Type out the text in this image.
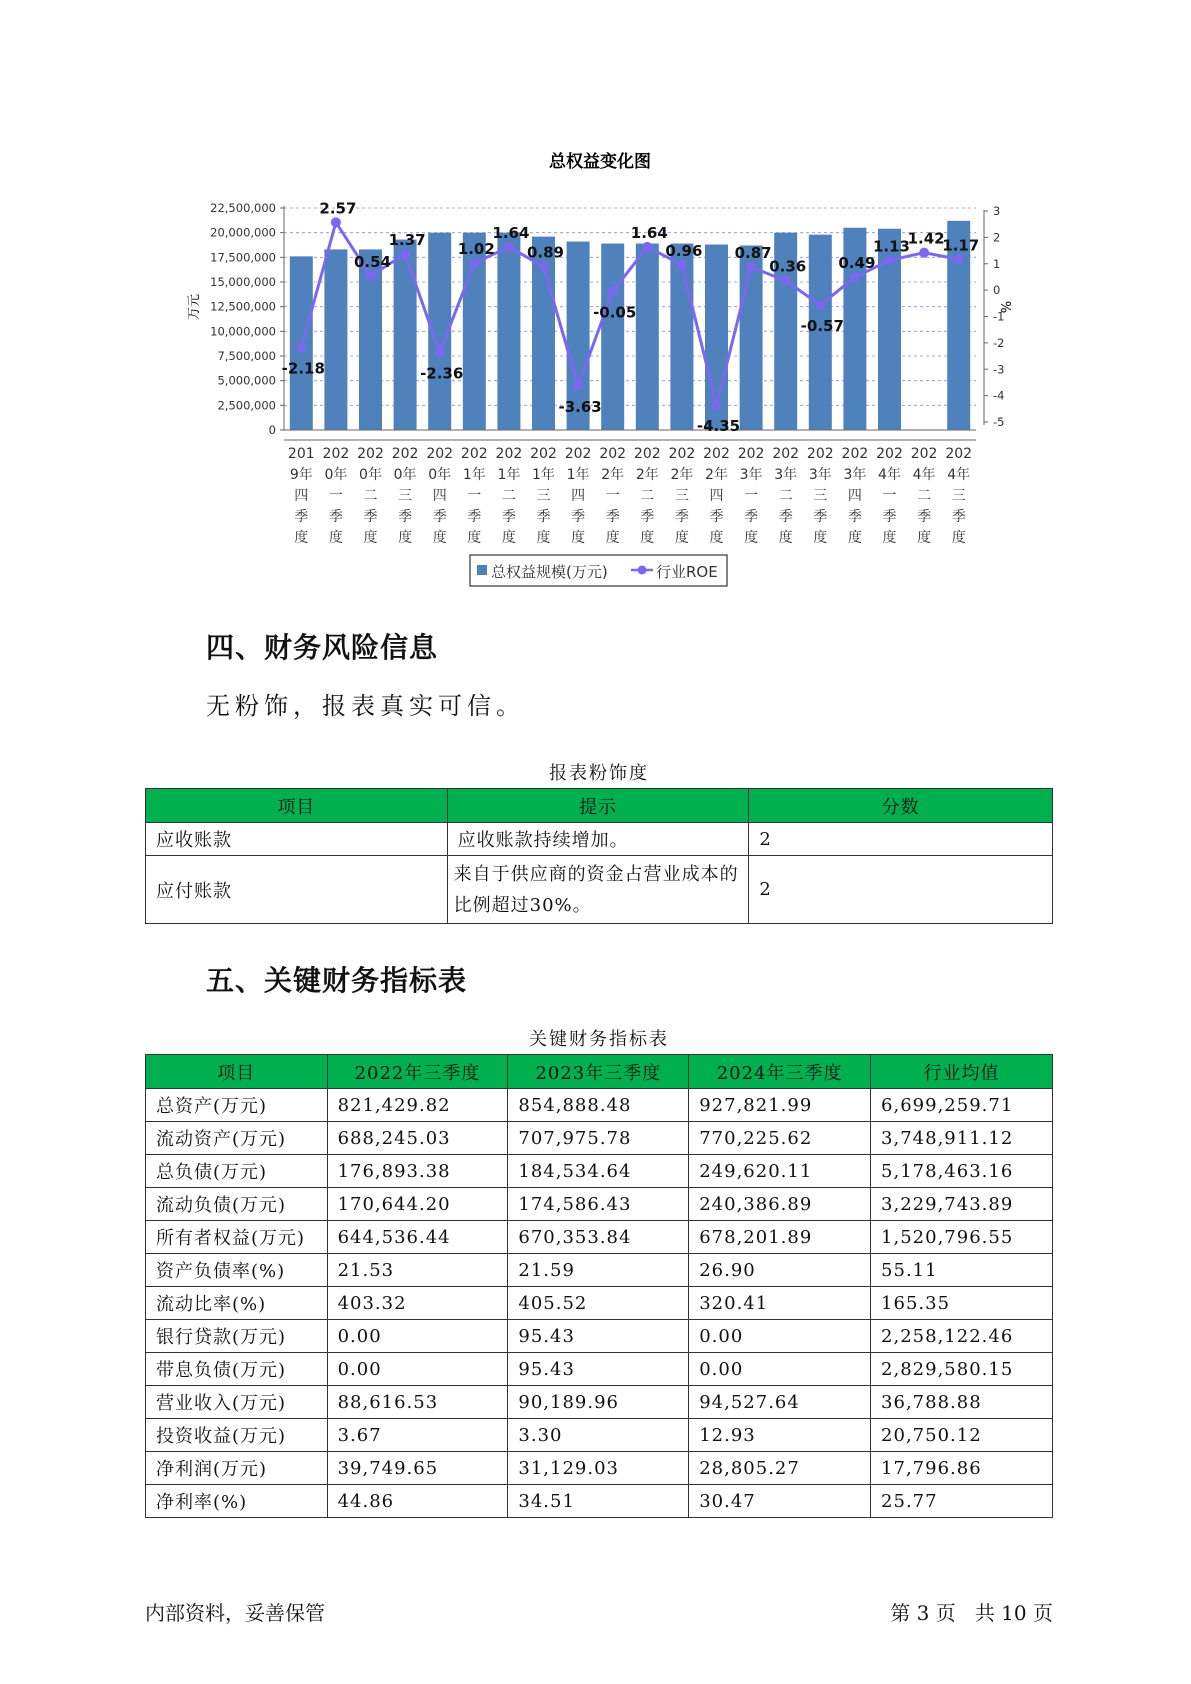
总权益变化图
万元	%
0
2,500,000
5,000,000
7,500,000
10,000,000
12,500,000
15,000,000
17,500,000
20,000,000
22,500,000
-5
-4
-3
-2
-1
0
1
2
3
-2.18
2.57
0.54
1.37
-2.36
1.02
1.64
0.89
-3.63
-0.05
1.64
0.96
-4.35
0.87
0.36
-0.57
0.49
1.13
1.42
1.17
201
9年
四
季
度
202
0年
一
季
度
202
0年
二
季
度
202
0年
三
季
度
202
0年
四
季
度
202
1年
一
季
度
202
1年
二
季
度
202
1年
三
季
度
202
1年
四
季
度
202
2年
一
季
度
202
2年
二
季
度
202
2年
三
季
度
202
2年
四
季
度
202
3年
一
季
度
202
3年
二
季
度
202
3年
三
季
度
202
3年
四
季
度
202
4年
一
季
度
202
4年
二
季
度
202
4年
三
季
度
总权益规模(万元)	行业ROE
四、财务风险信息

无粉饰，报表真实可信。

报表粉饰度
项目	提示	分数
应收账款	应收账款持续增加。	2
应付账款	来自于供应商的资金占营业成本的比例超过30%。	2
五、关键财务指标表
关键财务指标表
项目	2022年三季度	2023年三季度	2024年三季度	行业均值
总资产(万元)	821,429.82	854,888.48	927,821.99	6,699,259.71
流动资产(万元)	688,245.03	707,975.78	770,225.62	3,748,911.12
总负债(万元)	176,893.38	184,534.64	249,620.11	5,178,463.16
流动负债(万元)	170,644.20	174,586.43	240,386.89	3,229,743.89
所有者权益(万元)	644,536.44	670,353.84	678,201.89	1,520,796.55
资产负债率(%)	21.53	21.59	26.90	55.11
流动比率(%)	403.32	405.52	320.41	165.35
银行贷款(万元)	0.00	95.43	0.00	2,258,122.46
带息负债(万元)	0.00	95.43	0.00	2,829,580.15
营业收入(万元)	88,616.53	90,189.96	94,527.64	36,788.88
投资收益(万元)	3.67	3.30	12.93	20,750.12
净利润(万元)	39,749.65	31,129.03	28,805.27	17,796.86
净利率(%)	44.86	34.51	30.47	25.77
内部资料，妥善保管	第 3 页   共 10 页
